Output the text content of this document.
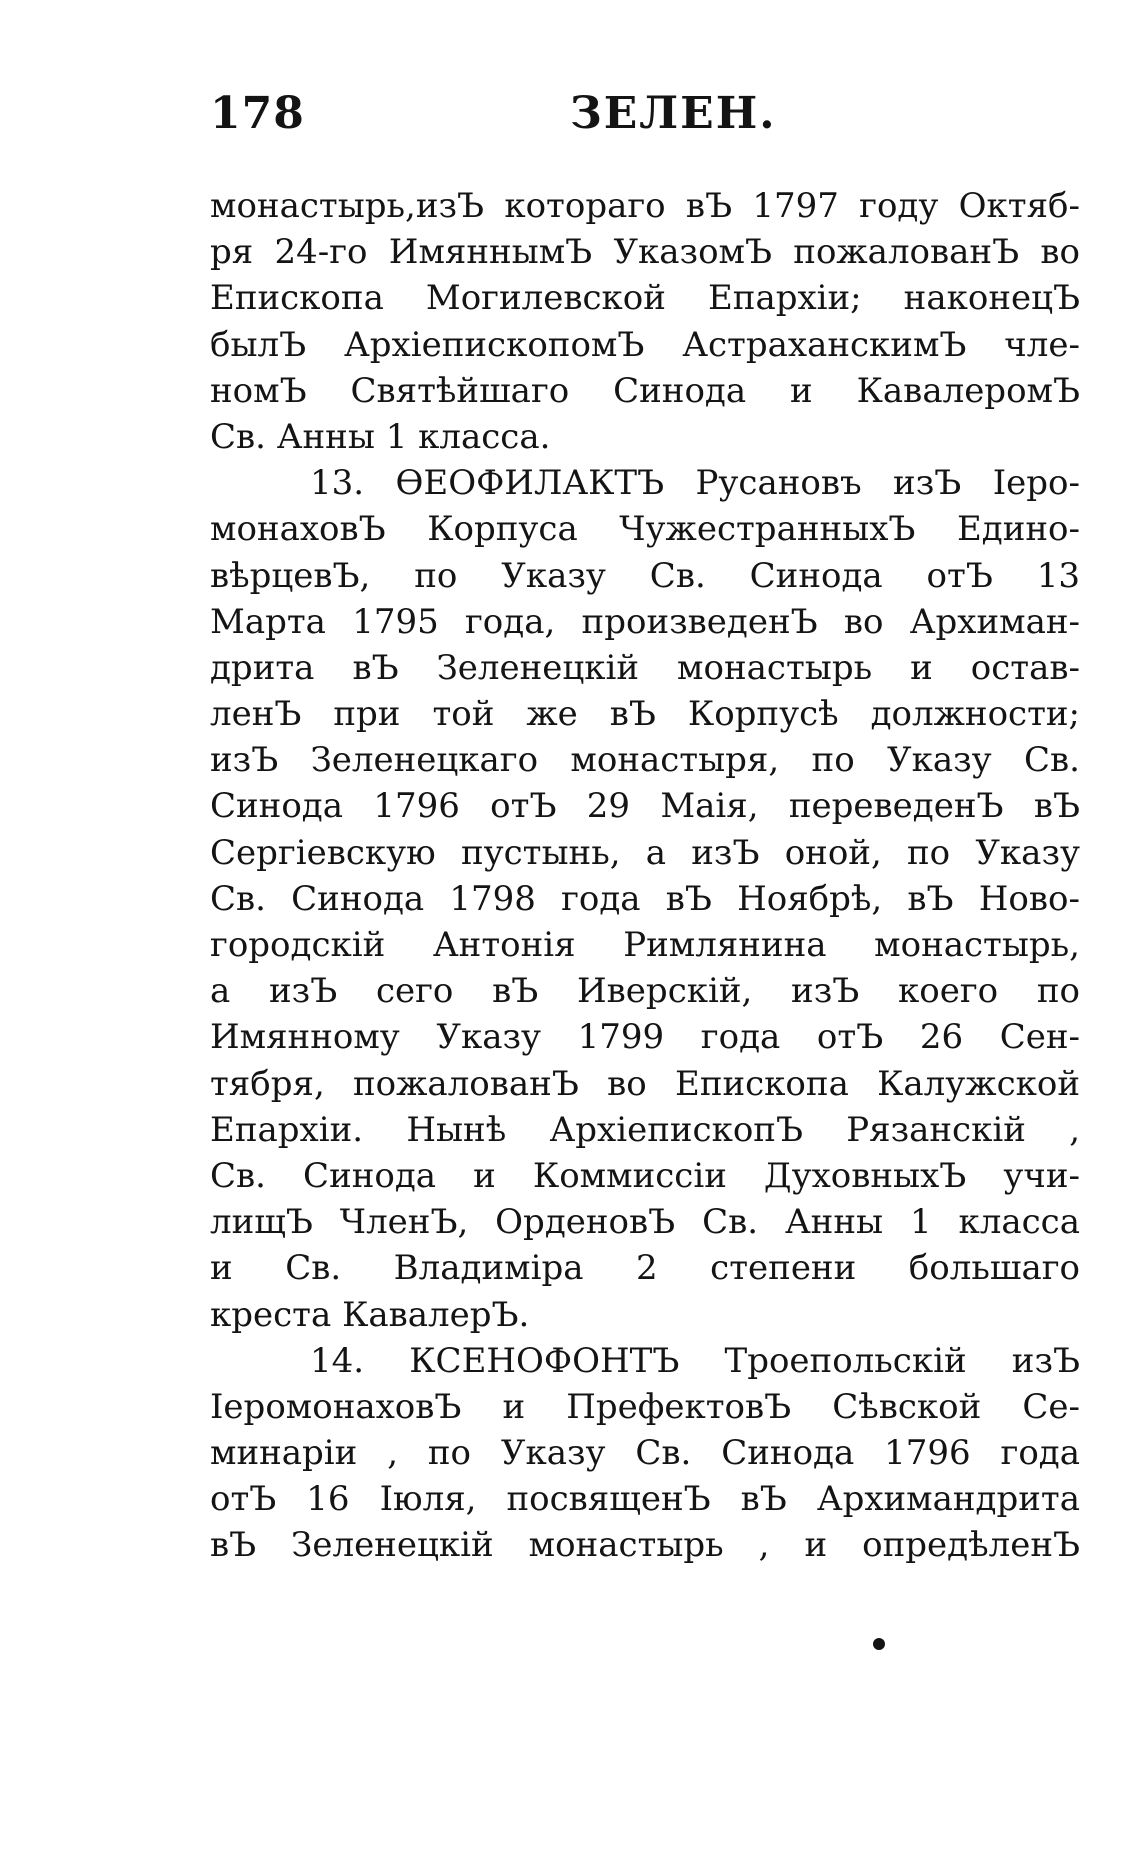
178	ЗЕЛЕН.
монастырь,изЪ которaго вЪ 1797 году Октяб-
ря 24-го ИмяннымЪ УказомЪ пожалованЪ во
Епископа Могилевской Епархiи; наконецЪ
былЪ АрхiепископомЪ АстраханскимЪ чле-
номЪ Святѣйшаго Синода и КавалеромЪ
Св. Анны 1 класса.
13. ѲЕОФИЛАКТЪ Русановъ изЪ Iеро-
монаховЪ Корпуса ЧужестранныхЪ Едино-
вѣрцевЪ, по Указу Св. Синода отЪ 13
Марта 1795 года, произведенЪ во Архиман-
дрита вЪ Зеленецкiй монастырь и остав-
ленЪ при той же вЪ Корпусѣ должности;
изЪ Зеленецкаго монастыря, по Указу Св.
Синода 1796 отЪ 29 Маiя, переведенЪ вЪ
Сергiевскую пустынь, а изЪ оной, по Указу
Св. Синода 1798 года вЪ Ноябрѣ, вЪ Ново-
городскiй Антонiя Римлянина монастырь,
а изЪ сего вЪ Иверскiй, изЪ коего по
Имянному Указу 1799 года отЪ 26 Сен-
тября, пожалованЪ во Епископа Калужской
Епархiи. Нынѣ АрхiепископЪ Рязанскiй ,
Св. Синода и Коммиссiи ДуховныхЪ учи-
лищЪ ЧленЪ, ОрденовЪ Св. Анны 1 класса
и Св. Владимiра 2 степени большаго
креста КавалерЪ.
14. КСЕНОФОНТЪ Троепольскiй изЪ
IеромонаховЪ и ПрефектовЪ Сѣвской Се-
минарiи , по Указу Св. Синода 1796 года
отЪ 16 Iюля, посвященЪ вЪ Архимандрита
вЪ Зеленецкiй монастырь , и опредѣленЪ
